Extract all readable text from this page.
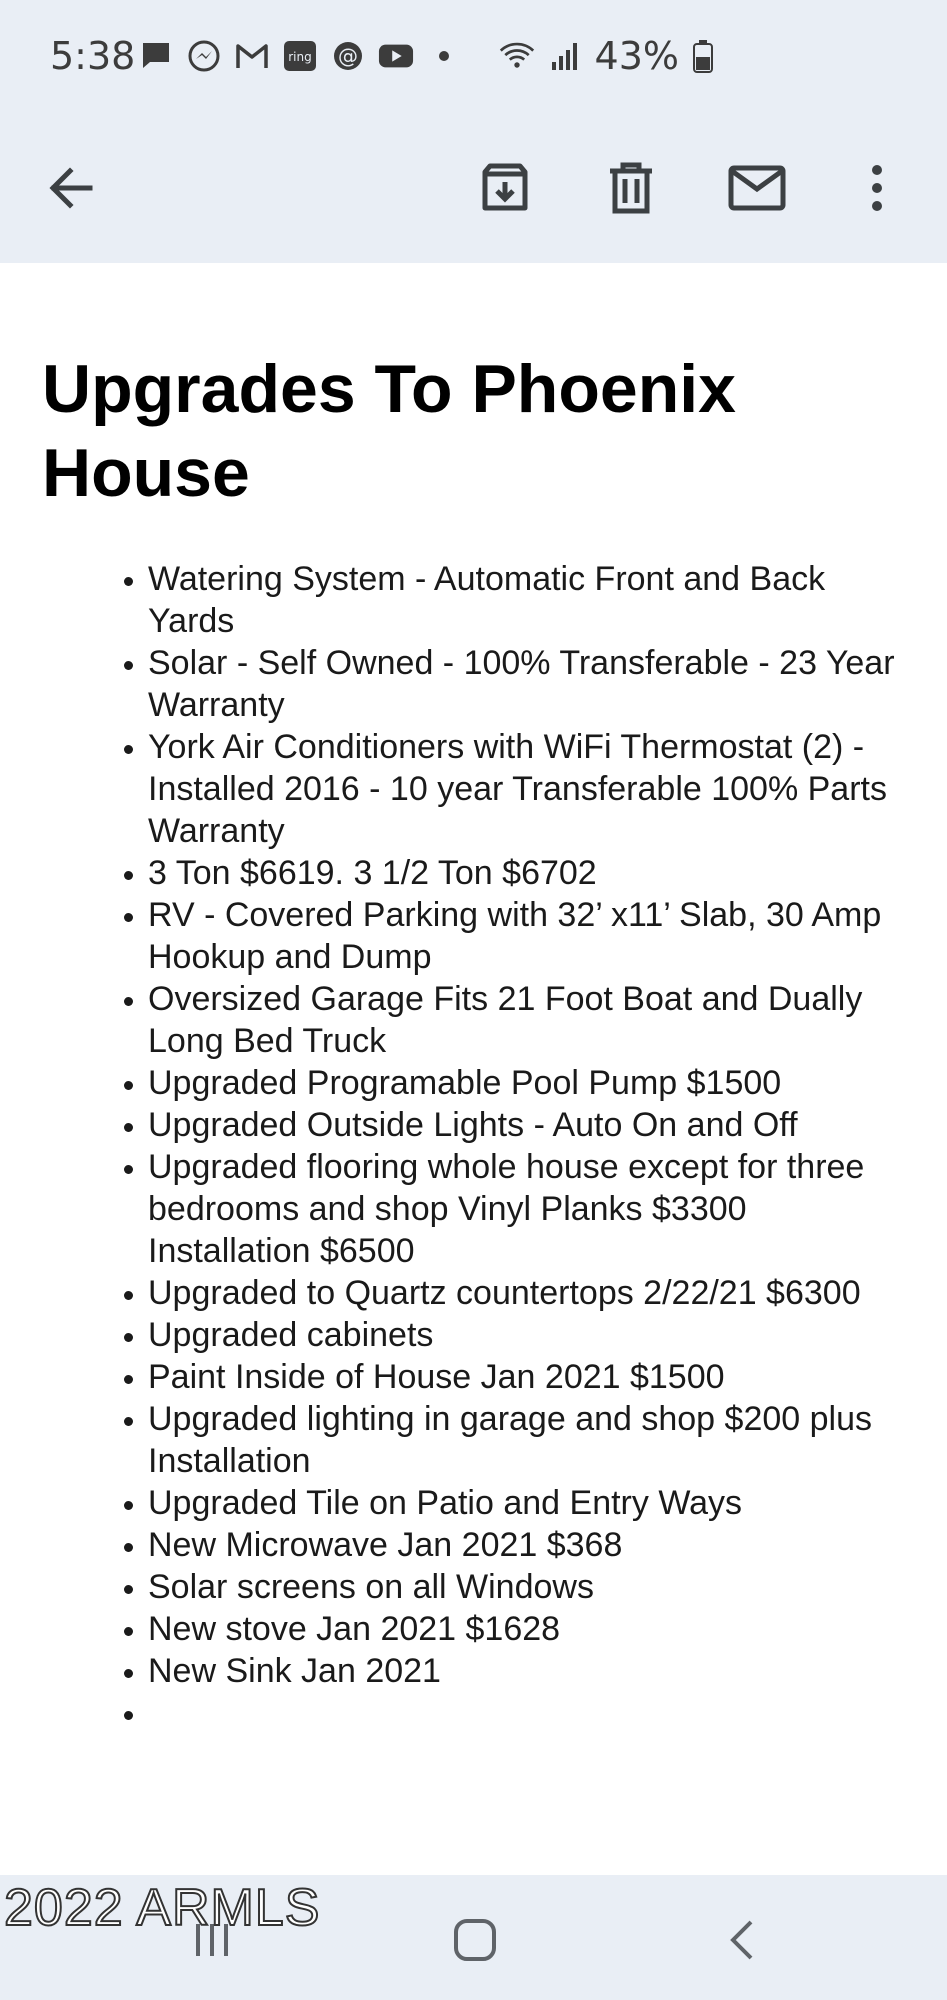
5:38	ring @	43%
Upgrades To Phoenix House
• Watering System - Automatic Front and Back Yards
• Solar - Self Owned - 100% Transferable - 23 Year Warranty
• York Air Conditioners with WiFi Thermostat (2) - Installed 2016 - 10 year Transferable 100% Parts Warranty
• 3 Ton $6619. 3 1/2 Ton $6702
• RV - Covered Parking with 32’ x11’ Slab, 30 Amp Hookup and Dump
• Oversized Garage Fits 21 Foot Boat and Dually Long Bed Truck
• Upgraded Programable Pool Pump $1500
• Upgraded Outside Lights - Auto On and Off
• Upgraded flooring whole house except for three bedrooms and shop Vinyl Planks $3300 Installation $6500
• Upgraded to Quartz countertops 2/22/21 $6300
• Upgraded cabinets
• Paint Inside of House Jan 2021 $1500
• Upgraded lighting in garage and shop $200 plus Installation
• Upgraded Tile on Patio and Entry Ways
• New Microwave Jan 2021 $368
• Solar screens on all Windows
• New stove Jan 2021 $1628
• New Sink Jan 2021
•
2022 ARMLS
